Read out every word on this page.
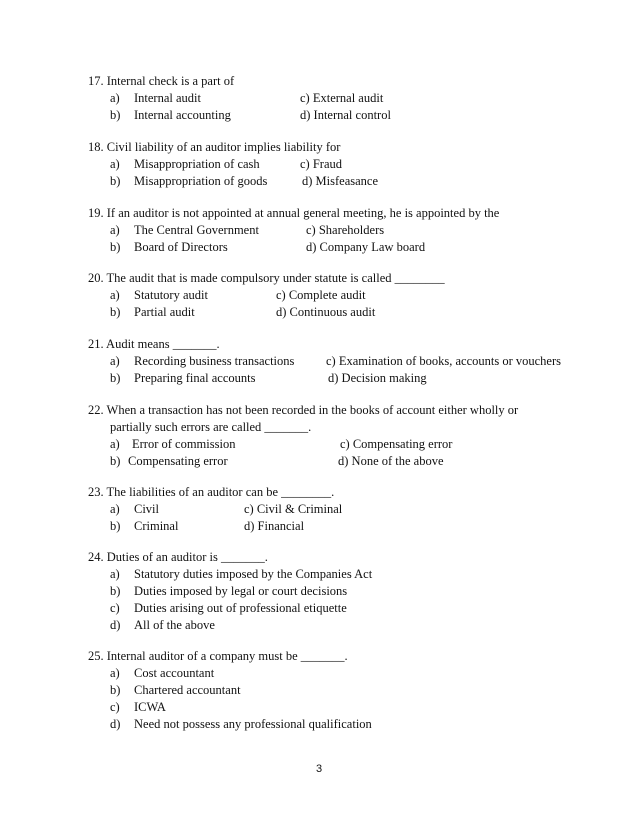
17. Internal check is a part of
a) Internal audit	c) External audit
b) Internal accounting	d) Internal control
18. Civil liability of an auditor implies liability for
a) Misappropriation of cash	c) Fraud
b) Misappropriation of goods	d) Misfeasance
19. If an auditor is not appointed at annual general meeting, he is appointed by the
a) The Central Government	c) Shareholders
b) Board of Directors	d) Company Law board
20. The audit that is made compulsory under statute is called ________
a) Statutory audit	c) Complete audit
b) Partial audit	d) Continuous audit
21. Audit means _______.
a) Recording business transactions	c) Examination of books, accounts or vouchers
b) Preparing final accounts	d) Decision making
22. When a transaction has not been recorded in the books of account either wholly or
partially such errors are called _______.
a) Error of commission	c) Compensating error
b) Compensating error	d) None of the above
23. The liabilities of an auditor can be ________.
a) Civil	c) Civil & Criminal
b) Criminal	d) Financial
24. Duties of an auditor is _______.
a) Statutory duties imposed by the Companies Act
b) Duties imposed by legal or court decisions
c) Duties arising out of professional etiquette
d) All of the above
25. Internal auditor of a company must be _______.
a) Cost accountant
b) Chartered accountant
c) ICWA
d) Need not possess any professional qualification
3
